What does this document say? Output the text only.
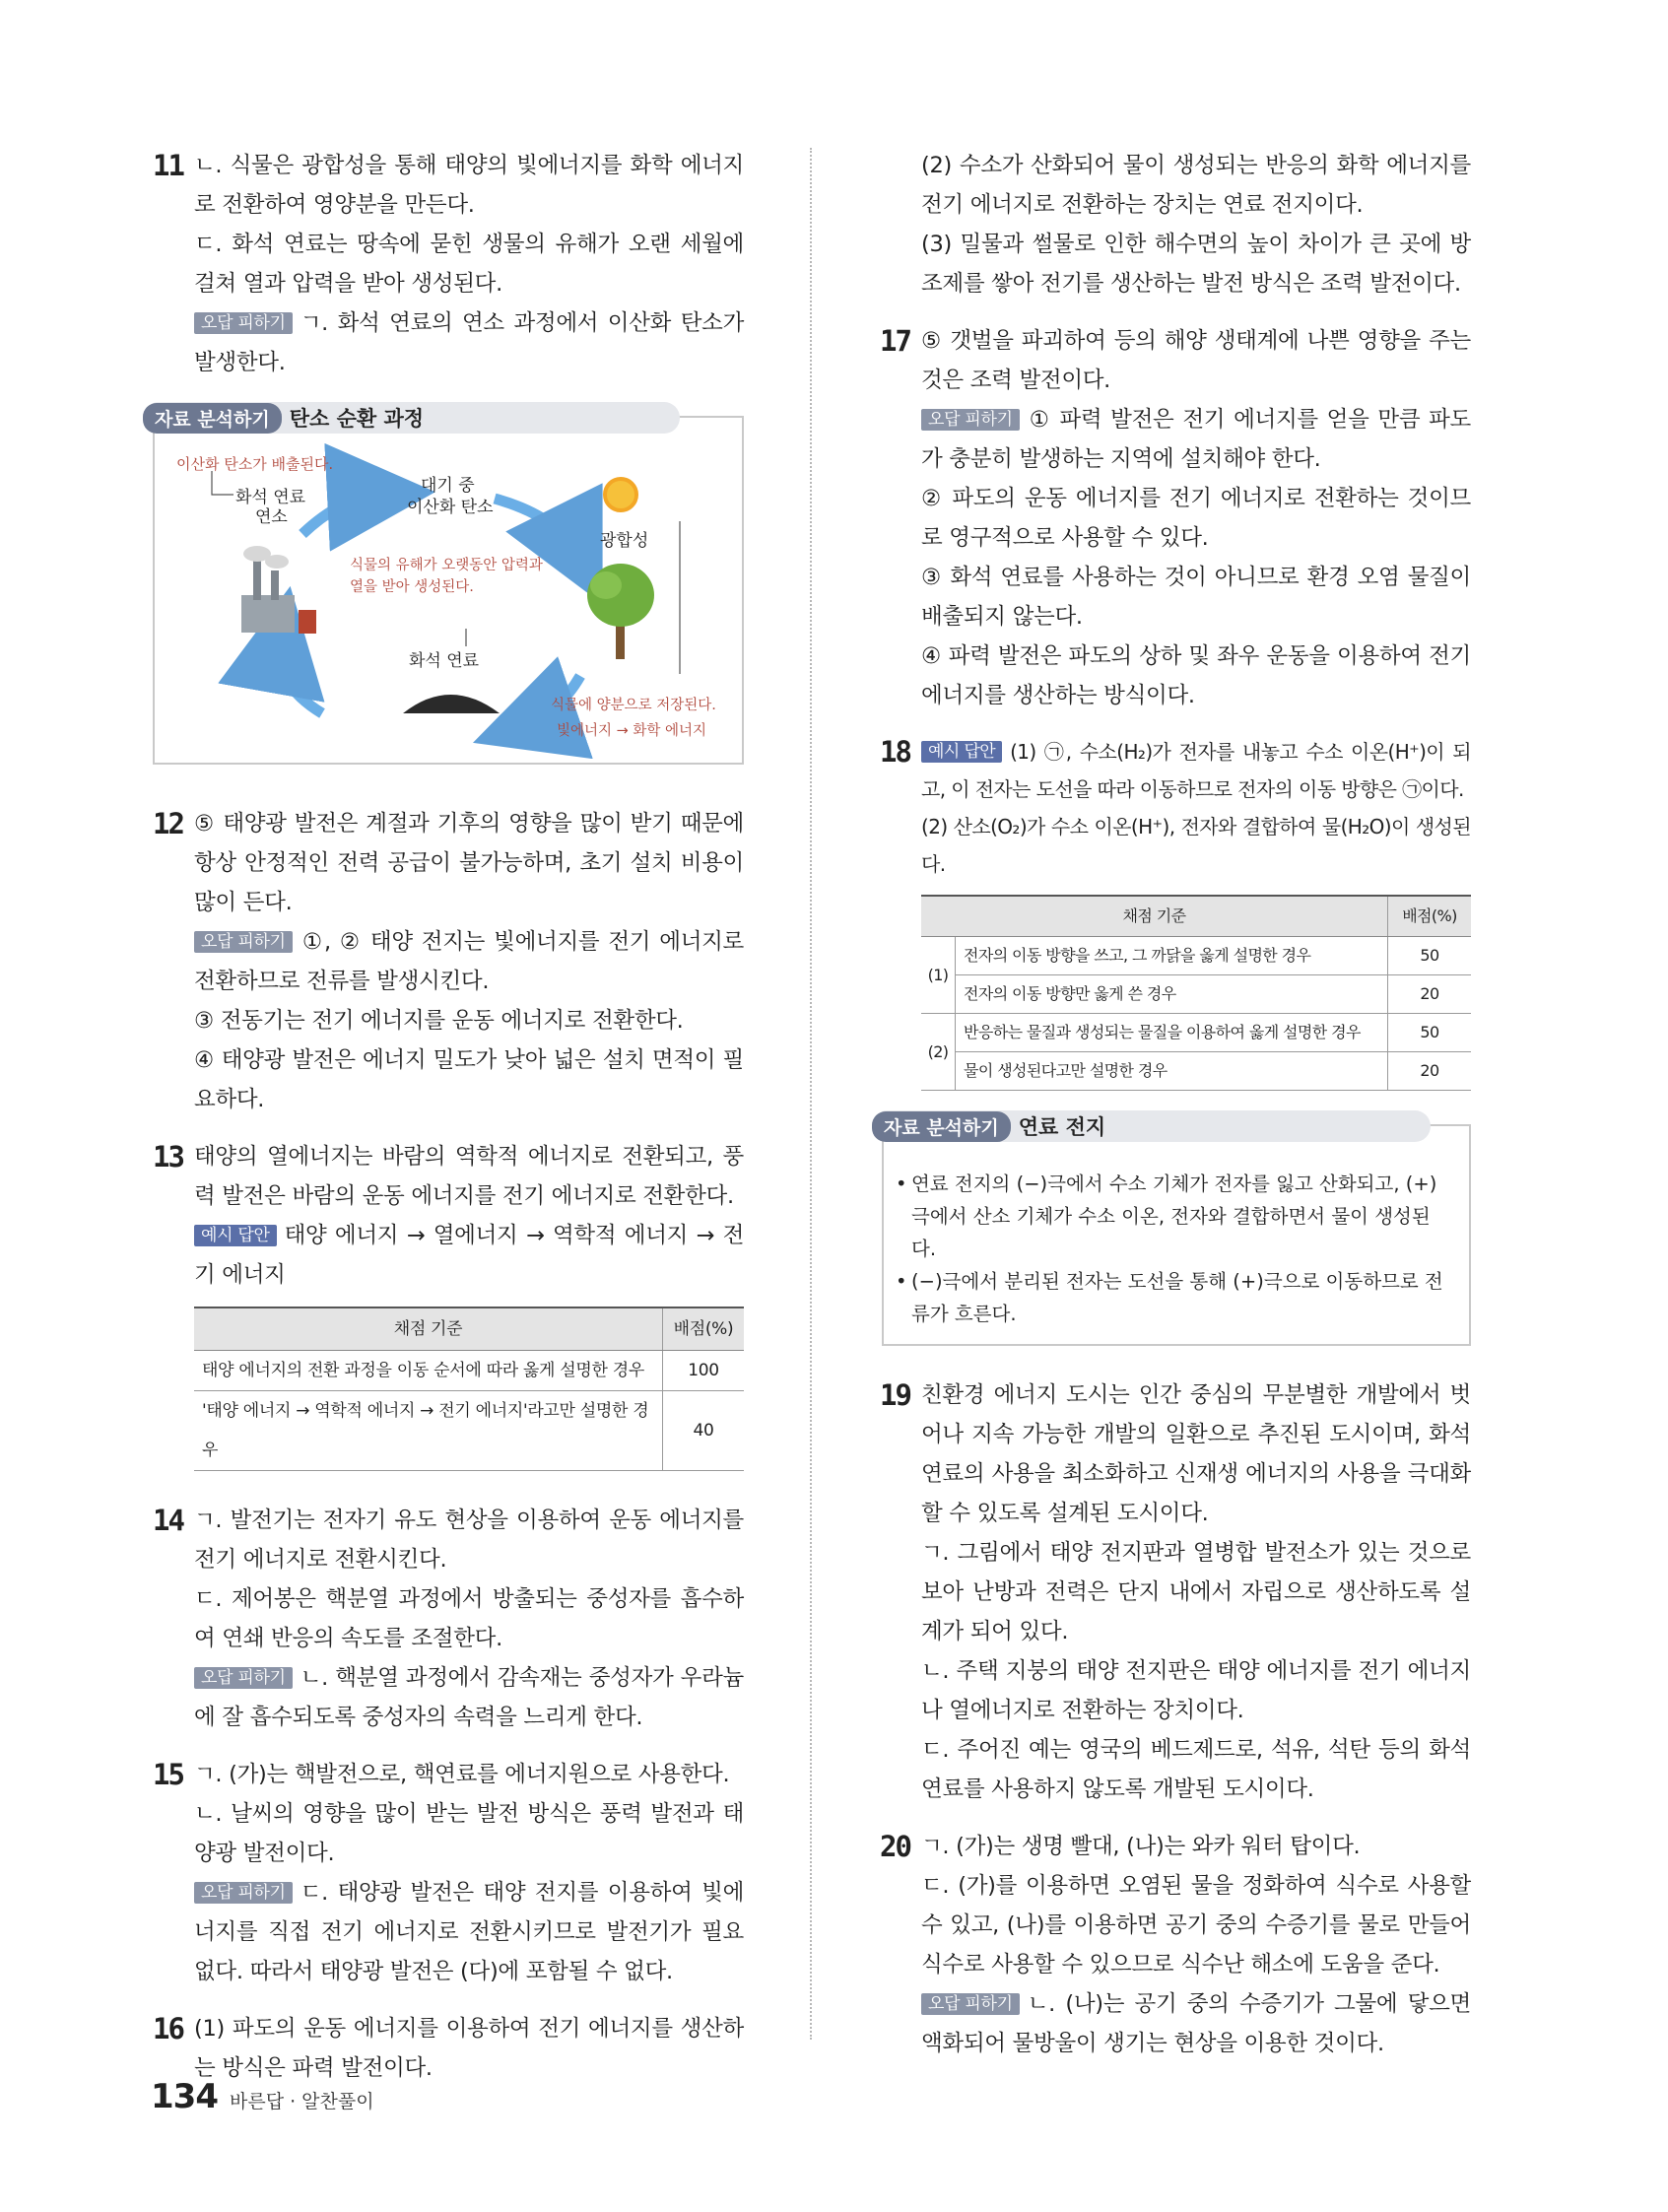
11 ㄴ. 식물은 광합성을 통해 태양의 빛에너지를 화학 에너지로 전환하여 영양분을 만든다.

ㄷ. 화석 연료는 땅속에 묻힌 생물의 유해가 오랜 세월에 걸쳐 열과 압력을 받아 생성된다.

오답 피하기 ㄱ. 화석 연료의 연소 과정에서 이산화 탄소가 발생한다.

자료 분석하기 탄소 순환 과정
이산화 탄소가 배출된다.
화석 연료
연소
대기 중
이산화 탄소
광합성
식물의 유해가 오랫동안 압력과
열을 받아 생성된다.
화석 연료
식물에 양분으로 저장된다.
빛에너지 → 화학 에너지
12 ⑤ 태양광 발전은 계절과 기후의 영향을 많이 받기 때문에 항상 안정적인 전력 공급이 불가능하며, 초기 설치 비용이 많이 든다.

오답 피하기 ①, ② 태양 전지는 빛에너지를 전기 에너지로 전환하므로 전류를 발생시킨다.

③ 전동기는 전기 에너지를 운동 에너지로 전환한다.

④ 태양광 발전은 에너지 밀도가 낮아 넓은 설치 면적이 필요하다.

13 태양의 열에너지는 바람의 역학적 에너지로 전환되고, 풍력 발전은 바람의 운동 에너지를 전기 에너지로 전환한다.

예시 답안 태양 에너지 → 열에너지 → 역학적 에너지 → 전기 에너지

채점 기준	배점(%)
태양 에너지의 전환 과정을 이동 순서에 따라 옳게 설명한 경우	100
'태양 에너지 → 역학적 에너지 → 전기 에너지'라고만 설명한 경우	40
14 ㄱ. 발전기는 전자기 유도 현상을 이용하여 운동 에너지를 전기 에너지로 전환시킨다.

ㄷ. 제어봉은 핵분열 과정에서 방출되는 중성자를 흡수하여 연쇄 반응의 속도를 조절한다.

오답 피하기 ㄴ. 핵분열 과정에서 감속재는 중성자가 우라늄에 잘 흡수되도록 중성자의 속력을 느리게 한다.

15 ㄱ. (가)는 핵발전으로, 핵연료를 에너지원으로 사용한다.

ㄴ. 날씨의 영향을 많이 받는 발전 방식은 풍력 발전과 태양광 발전이다.

오답 피하기 ㄷ. 태양광 발전은 태양 전지를 이용하여 빛에너지를 직접 전기 에너지로 전환시키므로 발전기가 필요 없다. 따라서 태양광 발전은 (다)에 포함될 수 없다.

16 (1) 파도의 운동 에너지를 이용하여 전기 에너지를 생산하는 방식은 파력 발전이다.

(2) 수소가 산화되어 물이 생성되는 반응의 화학 에너지를 전기 에너지로 전환하는 장치는 연료 전지이다.

(3) 밀물과 썰물로 인한 해수면의 높이 차이가 큰 곳에 방조제를 쌓아 전기를 생산하는 발전 방식은 조력 발전이다.

17 ⑤ 갯벌을 파괴하여 등의 해양 생태계에 나쁜 영향을 주는 것은 조력 발전이다.

오답 피하기 ① 파력 발전은 전기 에너지를 얻을 만큼 파도가 충분히 발생하는 지역에 설치해야 한다.

② 파도의 운동 에너지를 전기 에너지로 전환하는 것이므로 영구적으로 사용할 수 있다.

③ 화석 연료를 사용하는 것이 아니므로 환경 오염 물질이 배출되지 않는다.

④ 파력 발전은 파도의 상하 및 좌우 운동을 이용하여 전기 에너지를 생산하는 방식이다.

18	예시 답안 (1) ㉠, 수소(H₂)가 전자를 내놓고 수소 이온(H⁺)이 되고, 이 전자는 도선을 따라 이동하므로 전자의 이동 방향은 ㉠이다.

(2) 산소(O₂)가 수소 이온(H⁺), 전자와 결합하여 물(H₂O)이 생성된다.

채점 기준		배점(%)
(1)	전자의 이동 방향을 쓰고, 그 까닭을 옳게 설명한 경우	50
	전자의 이동 방향만 옳게 쓴 경우	20
(2)	반응하는 물질과 생성되는 물질을 이용하여 옳게 설명한 경우	50
	물이 생성된다고만 설명한 경우	20
자료 분석하기 연료 전지
• 연료 전지의 (−)극에서 수소 기체가 전자를 잃고 산화되고, (+)극에서 산소 기체가 수소 이온, 전자와 결합하면서 물이 생성된다.
• (−)극에서 분리된 전자는 도선을 통해 (+)극으로 이동하므로 전류가 흐른다.
19 친환경 에너지 도시는 인간 중심의 무분별한 개발에서 벗어나 지속 가능한 개발의 일환으로 추진된 도시이며, 화석 연료의 사용을 최소화하고 신재생 에너지의 사용을 극대화할 수 있도록 설계된 도시이다.

ㄱ. 그림에서 태양 전지판과 열병합 발전소가 있는 것으로 보아 난방과 전력은 단지 내에서 자립으로 생산하도록 설계가 되어 있다.

ㄴ. 주택 지붕의 태양 전지판은 태양 에너지를 전기 에너지나 열에너지로 전환하는 장치이다.

ㄷ. 주어진 예는 영국의 베드제드로, 석유, 석탄 등의 화석 연료를 사용하지 않도록 개발된 도시이다.

20 ㄱ. (가)는 생명 빨대, (나)는 와카 워터 탑이다.

ㄷ. (가)를 이용하면 오염된 물을 정화하여 식수로 사용할 수 있고, (나)를 이용하면 공기 중의 수증기를 물로 만들어 식수로 사용할 수 있으므로 식수난 해소에 도움을 준다.

오답 피하기 ㄴ. (나)는 공기 중의 수증기가 그물에 닿으면 액화되어 물방울이 생기는 현상을 이용한 것이다.

134 바른답 · 알찬풀이
